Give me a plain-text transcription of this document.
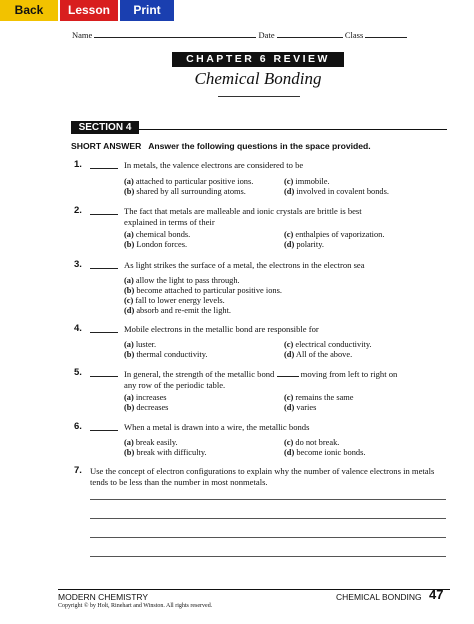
Back	Lesson	Print
Name	Date	Class
CHAPTER 6 REVIEW
Chemical Bonding
SECTION 4
SHORT ANSWER Answer the following questions in the space provided.
1.	In metals, the valence electrons are considered to be
(a) attached to particular positive ions.
(b) shared by all surrounding atoms.
(c) immobile.
(d) involved in covalent bonds.
2.	The fact that metals are malleable and ionic crystals are brittle is best explained in terms of their
(a) chemical bonds.
(b) London forces.
(c) enthalpies of vaporization.
(d) polarity.
3.	As light strikes the surface of a metal, the electrons in the electron sea
(a) allow the light to pass through.
(b) become attached to particular positive ions.
(c) fall to lower energy levels.
(d) absorb and re-emit the light.
4.	Mobile electrons in the metallic bond are responsible for
(a) luster.
(b) thermal conductivity.
(c) electrical conductivity.
(d) All of the above.
5.	In general, the strength of the metallic bond	moving from left to right on any row of the periodic table.
(a) increases
(b) decreases
(c) remains the same
(d) varies
6.	When a metal is drawn into a wire, the metallic bonds
(a) break easily.
(b) break with difficulty.
(c) do not break.
(d) become ionic bonds.
7. Use the concept of electron configurations to explain why the number of valence electrons in metals tends to be less than the number in most nonmetals.
MODERN CHEMISTRY	CHEMICAL BONDING 47
Copyright © by Holt, Rinehart and Winston. All rights reserved.
